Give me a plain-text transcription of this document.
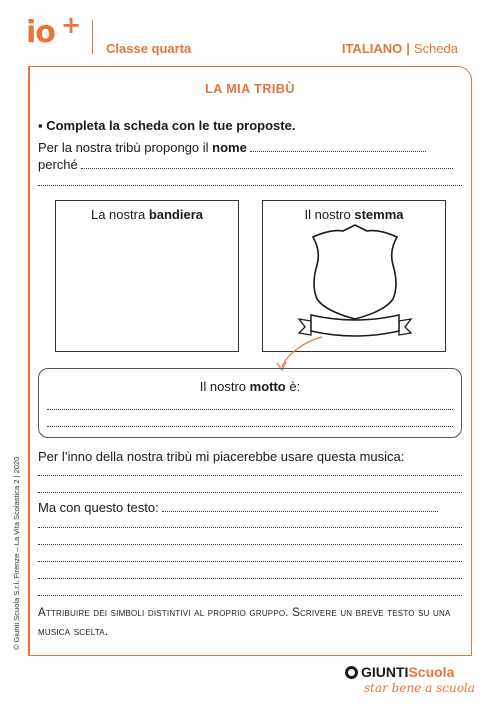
io +
Classe quarta	ITALIANO | Scheda
LA MIA TRIBÙ
▪ Completa la scheda con le tue proposte.
Per la nostra tribù propongo il nome
perché
La nostra bandiera	Il nostro stemma
Il nostro motto è:
Per l’inno della nostra tribù mi piacerebbe usare questa musica:
Ma con questo testo:
Attribuire dei simboli distintivi al proprio gruppo. Scrivere un breve testo su una musica scelta.
© Giunti Scuola S.r.l. Firenze – La Vita Scolastica 2 | 2020
GIUNTIScuola
star bene a scuola
